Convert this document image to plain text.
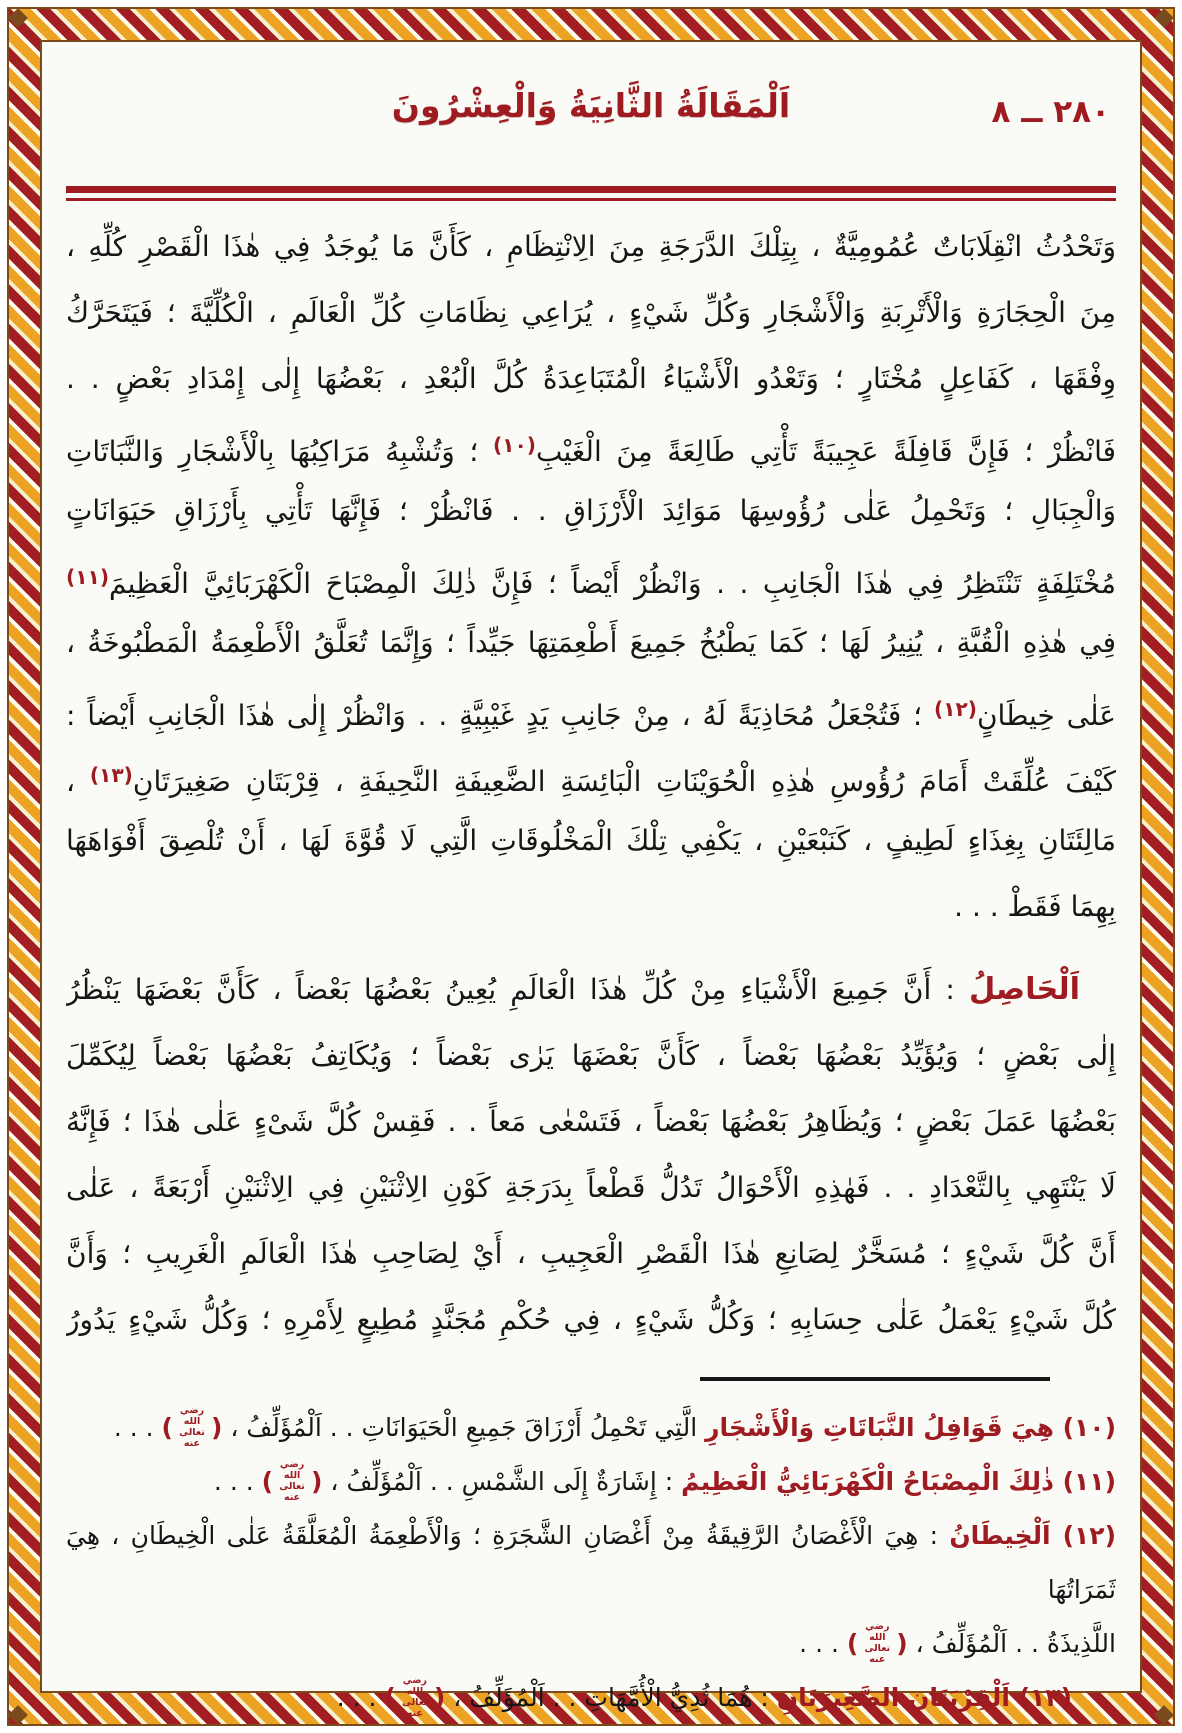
٢٨٠ ــ ٨
اَلْمَقَالَةُ الثَّانِيَةُ وَالْعِشْرُونَ
وَتَحْدُثُ انْقِلَابَاتٌ عُمُومِيَّةٌ ، بِتِلْكَ الدَّرَجَةِ مِنَ الِانْتِظَامِ ، كَأَنَّ مَا يُوجَدُ فِي هٰذَا الْقَصْرِ كُلِّهِ ،
مِنَ الْحِجَارَةِ وَالْأَتْرِبَةِ وَالْأَشْجَارِ وَكُلِّ شَيْءٍ ، يُرَاعِي نِظَامَاتِ كُلِّ الْعَالَمِ ، الْكُلِّيَّةَ ؛ فَيَتَحَرَّكُ
وِفْقَهَا ، كَفَاعِلٍ مُخْتَارٍ ؛ وَتَعْدُو الْأَشْيَاءُ الْمُتَبَاعِدَةُ كُلَّ الْبُعْدِ ، بَعْضُهَا إِلٰى إِمْدَادِ بَعْضٍ . .
فَانْظُرْ ؛ فَإِنَّ قَافِلَةً عَجِيبَةً تَأْتِي طَالِعَةً مِنَ الْغَيْبِ$^{(١٠)}$ ؛ وَتُشْبِهُ مَرَاكِبُهَا بِالْأَشْجَارِ وَالنَّبَاتَاتِ
وَالْجِبَالِ ؛ وَتَحْمِلُ عَلٰى رُؤُوسِهَا مَوَائِدَ الْأَرْزَاقِ . . فَانْظُرْ ؛ فَإِنَّهَا تَأْتِي بِأَرْزَاقِ حَيَوَانَاتٍ
مُخْتَلِفَةٍ تَنْتَظِرُ فِي هٰذَا الْجَانِبِ . . وَانْظُرْ أَيْضاً ؛ فَإِنَّ ذٰلِكَ الْمِصْبَاحَ الْكَهْرَبَائِيَّ الْعَظِيمَ$^{(١١)}$
فِي هٰذِهِ الْقُبَّةِ ، يُنِيرُ لَهَا ؛ كَمَا يَطْبُخُ جَمِيعَ أَطْعِمَتِهَا جَيِّداً ؛ وَإِنَّمَا تُعَلَّقُ الْأَطْعِمَةُ الْمَطْبُوخَةُ ،
عَلٰى خِيطَانٍ$^{(١٢)}$ ؛ فَتُجْعَلُ مُحَاذِيَةً لَهُ ، مِنْ جَانِبِ يَدٍ غَيْبِيَّةٍ . . وَانْظُرْ إِلٰى هٰذَا الْجَانِبِ أَيْضاً :
كَيْفَ عُلِّقَتْ أَمَامَ رُؤُوسِ هٰذِهِ الْحُوَيْنَاتِ الْبَائِسَةِ الضَّعِيفَةِ النَّحِيفَةِ ، قِرْبَتَانِ صَغِيرَتَانِ$^{(١٣)}$ ،
مَالِئَتَانِ بِغِذَاءٍ لَطِيفٍ ، كَنَبْعَيْنِ ، يَكْفِي تِلْكَ الْمَخْلُوقَاتِ الَّتِي لَا قُوَّةَ لَهَا ، أَنْ تُلْصِقَ أَفْوَاهَهَا
بِهِمَا فَقَطْ . . .
اَلْحَاصِلُ : أَنَّ جَمِيعَ الْأَشْيَاءِ مِنْ كُلِّ هٰذَا الْعَالَمِ يُعِينُ بَعْضُهَا بَعْضاً ، كَأَنَّ بَعْضَهَا يَنْظُرُ
إِلٰى بَعْضٍ ؛ وَيُؤَيِّدُ بَعْضُهَا بَعْضاً ، كَأَنَّ بَعْضَهَا يَرٰى بَعْضاً ؛ وَيُكَاتِفُ بَعْضُهَا بَعْضاً لِيُكَمِّلَ
بَعْضُهَا عَمَلَ بَعْضٍ ؛ وَيُظَاهِرُ بَعْضُهَا بَعْضاً ، فَتَسْعٰى مَعاً . . فَقِسْ كُلَّ شَىْءٍ عَلٰى هٰذَا ؛ فَإِنَّهُ
لَا يَنْتَهِي بِالتَّعْدَادِ . . فَهٰذِهِ الْأَحْوَالُ تَدُلُّ قَطْعاً بِدَرَجَةِ كَوْنِ الِاثْنَيْنِ فِي الِاثْنَيْنِ أَرْبَعَةً ، عَلٰى
أَنَّ كُلَّ شَيْءٍ ؛ مُسَخَّرٌ لِصَانِعِ هٰذَا الْقَصْرِ الْعَجِيبِ ، أَيْ لِصَاحِبِ هٰذَا الْعَالَمِ الْغَرِيبِ ؛ وَأَنَّ
كُلَّ شَيْءٍ يَعْمَلُ عَلٰى حِسَابِهِ ؛ وَكُلُّ شَيْءٍ ، فِي حُكْمِ مُجَنَّدٍ مُطِيعٍ لِأَمْرِهِ ؛ وَكُلُّ شَيْءٍ يَدُورُ
(١٠) هِيَ قَوَافِلُ النَّبَاتَاتِ وَالْأَشْجَارِ الَّتِي تَحْمِلُ أَرْزَاقَ جَمِيعِ الْحَيَوَانَاتِ . . اَلْمُؤَلِّفُ ، (رضي الله تعالى عنه) . . .
(١١) ذٰلِكَ الْمِصْبَاحُ الْكَهْرَبَائِيُّ الْعَظِيمُ : إِشَارَةٌ إِلَى الشَّمْسِ . . اَلْمُؤَلِّفُ ، (رضي الله تعالى عنه) . . .
(١٢) اَلْخِيطَانُ : هِيَ الْأَغْصَانُ الرَّقِيقَةُ مِنْ أَغْصَانِ الشَّجَرَةِ ؛ وَالْأَطْعِمَةُ الْمُعَلَّقَةُ عَلٰى الْخِيطَانِ ، هِيَ ثَمَرَاتُهَا
اللَّذِيذَةُ . . اَلْمُؤَلِّفُ ، (رضي الله تعالى عنه) . . .
(١٣) اَلْقِرْبَتَانِ الصَّغِيرَتَانِ : هُمَا ثُدِيُّ الْأُمَّهَاتِ . . اَلْمُؤَلِّفُ ، (رضي الله تعالى عنه) . . .
